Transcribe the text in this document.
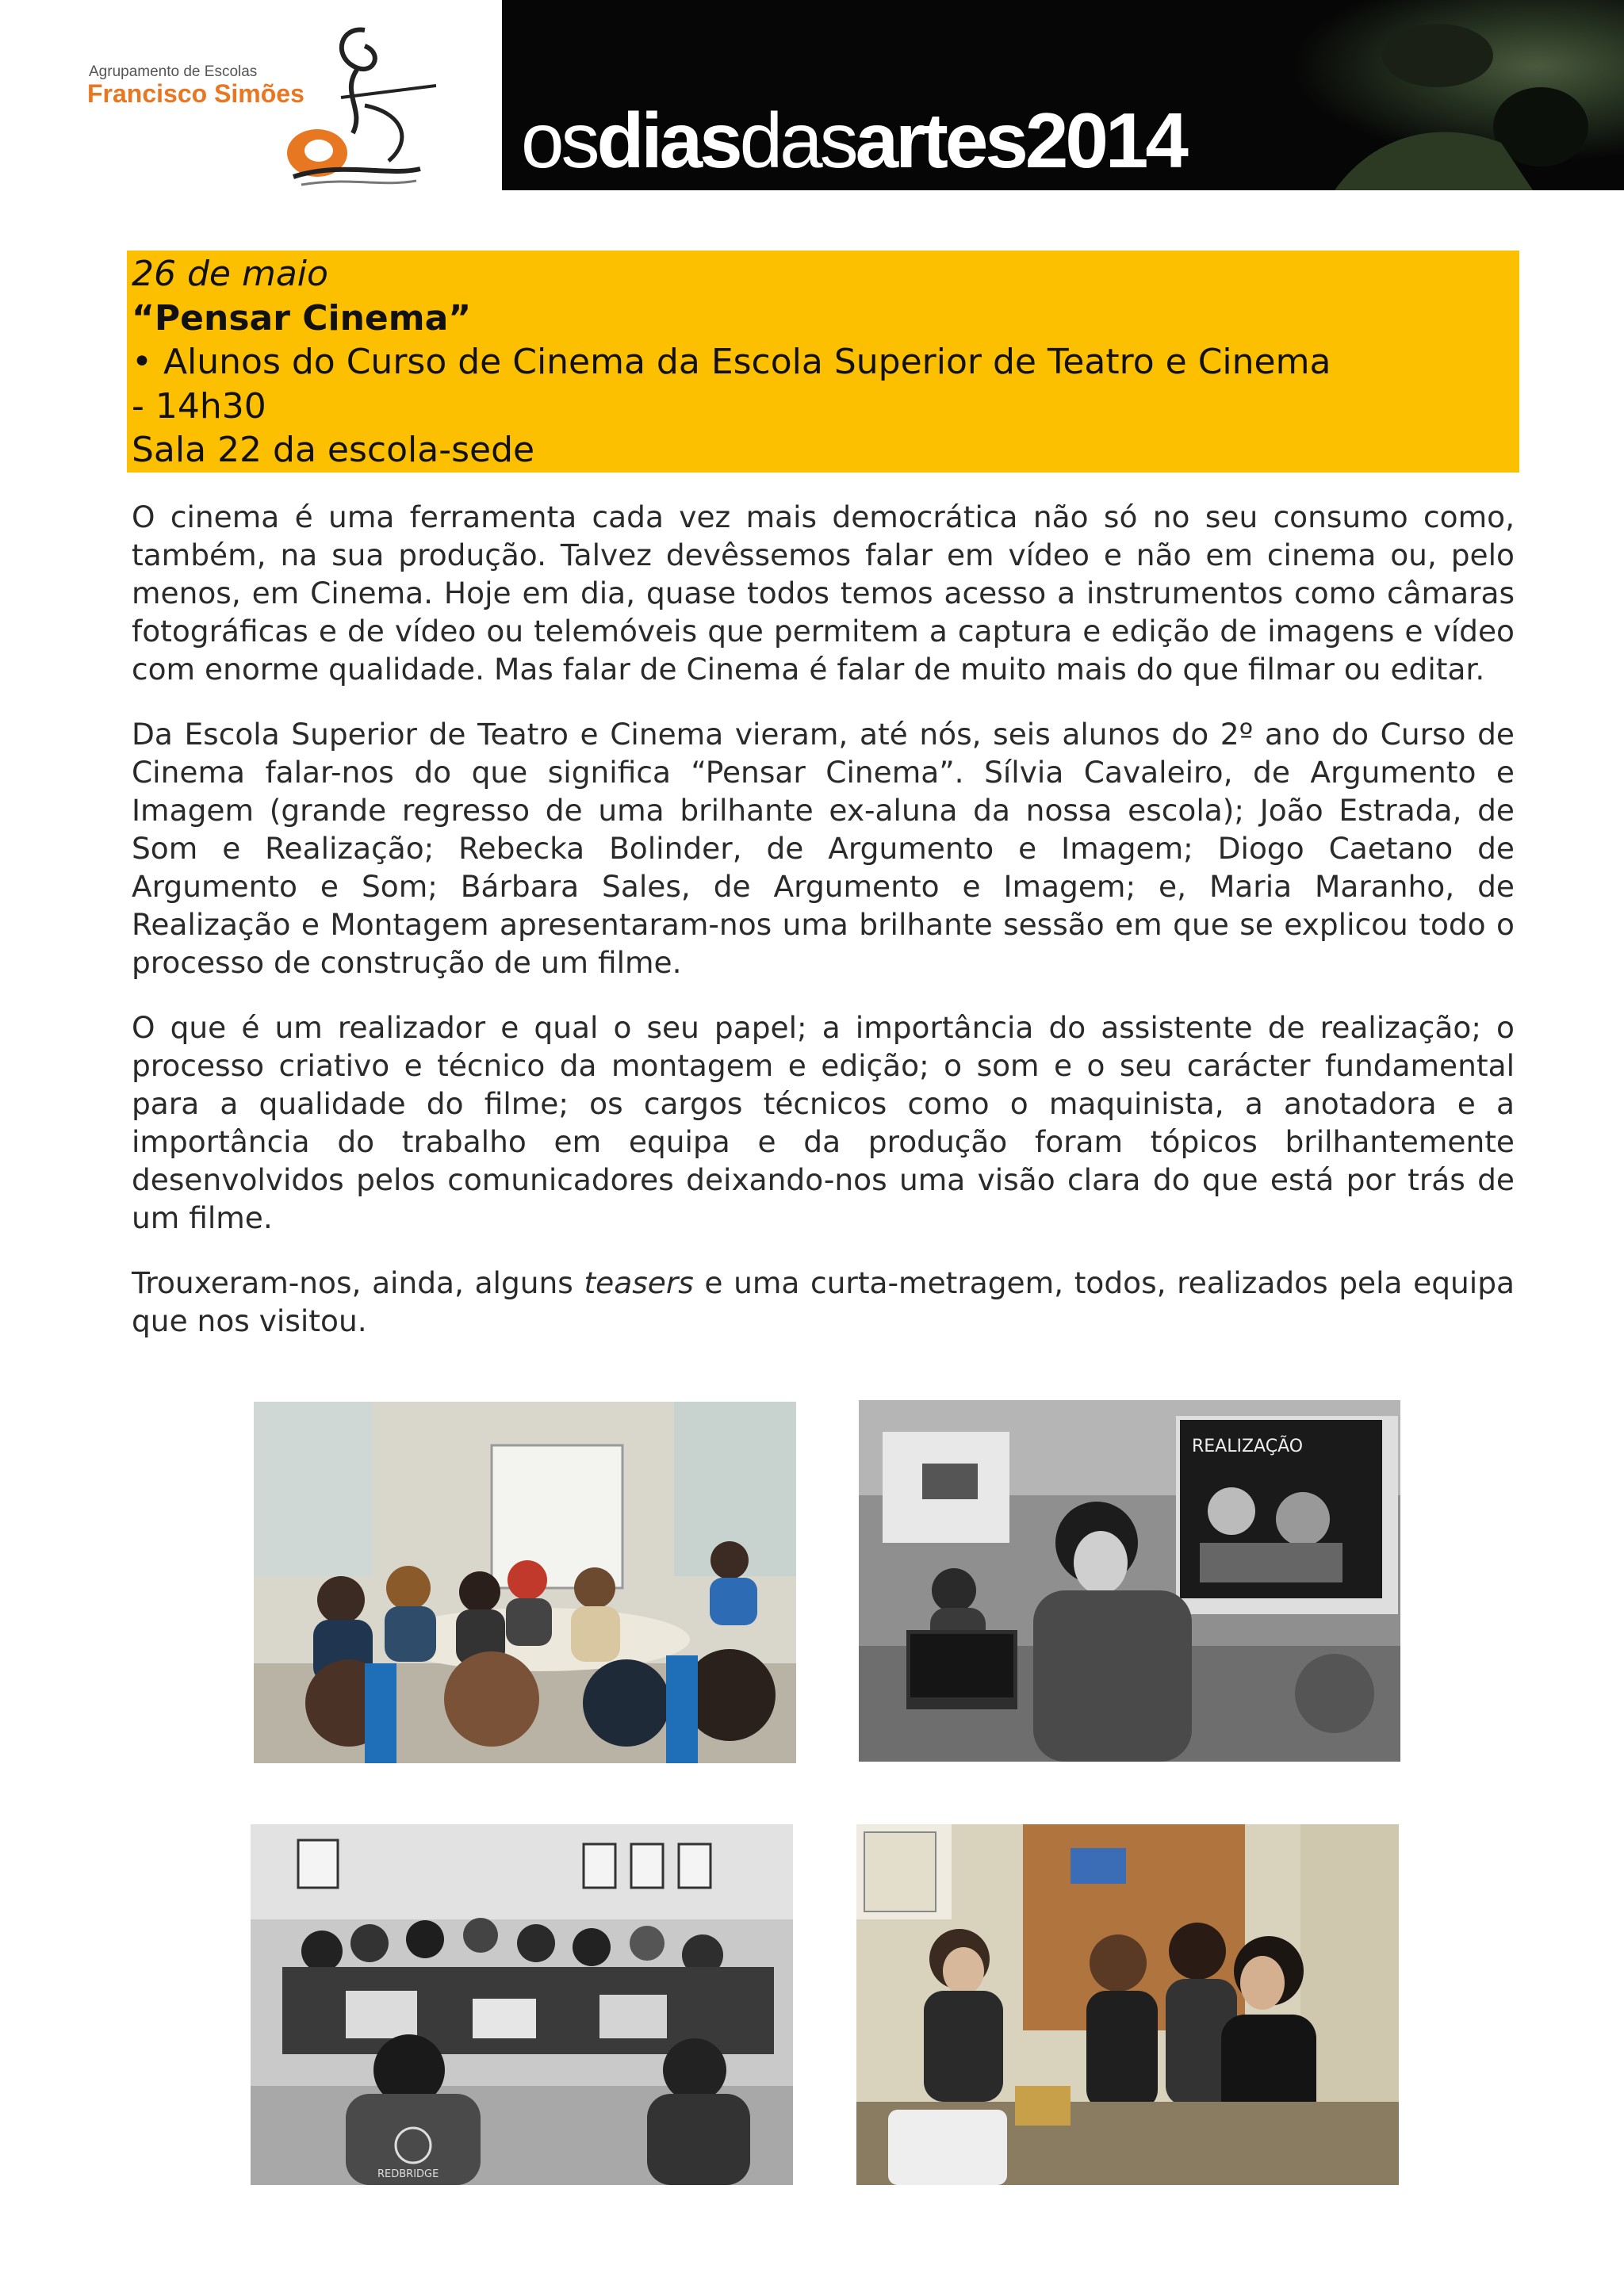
Agrupamento de Escolas
Francisco Simões
osdiasdasartes2014
26 de maio
“Pensar Cinema”
• Alunos do Curso de Cinema da Escola Superior de Teatro e Cinema
- 14h30
Sala 22 da escola-sede

O cinema é uma ferramenta cada vez mais democrática não só no seu consumo como, também, na sua produção. Talvez devêssemos falar em vídeo e não em cinema ou, pelo menos, em Cinema. Hoje em dia, quase todos temos acesso a instrumentos como câmaras fotográficas e de vídeo ou telemóveis que permitem a captura e edição de imagens e vídeo com enorme qualidade. Mas falar de Cinema é falar de muito mais do que filmar ou editar.

Da Escola Superior de Teatro e Cinema vieram, até nós, seis alunos do 2º ano do Curso de Cinema falar-nos do que significa “Pensar Cinema”. Sílvia Cavaleiro, de Argumento e Imagem (grande regresso de uma brilhante ex-aluna da nossa escola); João Estrada, de Som e Realização; Rebecka Bolinder, de Argumento e Imagem; Diogo Caetano de Argumento e Som; Bárbara Sales, de Argumento e Imagem; e, Maria Maranho, de Realização e Montagem apresentaram-nos uma brilhante sessão em que se explicou todo o processo de construção de um filme.

O que é um realizador e qual o seu papel; a importância do assistente de realização; o processo criativo e técnico da montagem e edição; o som e o seu carácter fundamental para a qualidade do filme; os cargos técnicos como o maquinista, a anotadora e a importância do trabalho em equipa e da produção foram tópicos brilhantemente desenvolvidos pelos comunicadores deixando-nos uma visão clara do que está por trás de um filme.

Trouxeram-nos, ainda, alguns teasers e uma curta-metragem, todos, realizados pela equipa que nos visitou.

REALIZAÇÃO
REDBRIDGE
